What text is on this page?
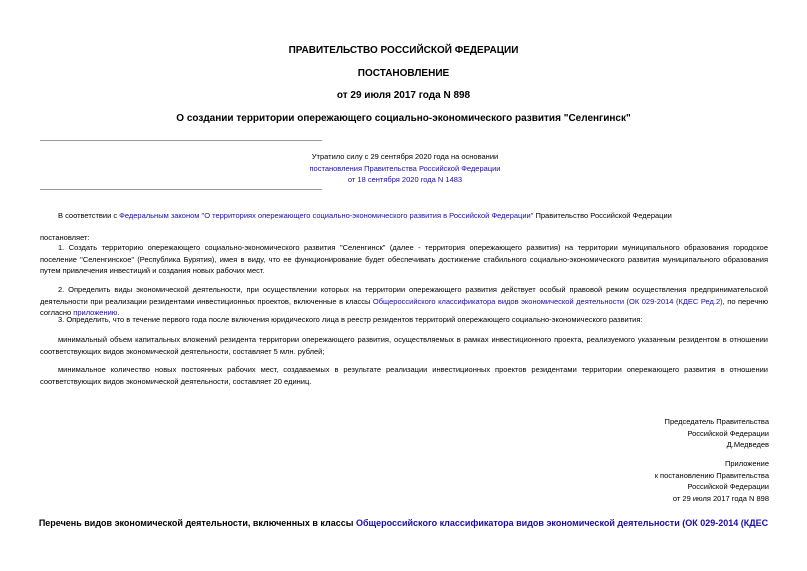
ПРАВИТЕЛЬСТВО РОССИЙСКОЙ ФЕДЕРАЦИИ
ПОСТАНОВЛЕНИЕ
от 29 июля 2017 года N 898
О создании территории опережающего социально-экономического развития "Селенгинск"
Утратило силу с 29 сентября 2020 года на основании
постановления Правительства Российской Федерации
от 18 сентября 2020 года N 1483
В соответствии с Федеральным законом "О территориях опережающего социально-экономического развития в Российской Федерации" Правительство Российской Федерации
постановляет:
1. Создать территорию опережающего социально-экономического развития "Селенгинск" (далее - территория опережающего развития) на территории муниципального образования городское поселение "Селенгинское" (Республика Бурятия), имея в виду, что ее функционирование будет обеспечивать достижение стабильного социально-экономического развития муниципального образования путем привлечения инвестиций и создания новых рабочих мест.
2. Определить виды экономической деятельности, при осуществлении которых на территории опережающего развития действует особый правовой режим осуществления предпринимательской деятельности при реализации резидентами инвестиционных проектов, включенные в классы Общероссийского классификатора видов экономической деятельности (ОК 029-2014 (КДЕС Ред.2), по перечню согласно приложению.
3. Определить, что в течение первого года после включения юридического лица в реестр резидентов территорий опережающего социально-экономического развития:
минимальный объем капитальных вложений резидента территории опережающего развития, осуществляемых в рамках инвестиционного проекта, реализуемого указанным резидентом в отношении соответствующих видов экономической деятельности, составляет 5 млн. рублей;
минимальное количество новых постоянных рабочих мест, создаваемых в результате реализации инвестиционных проектов резидентами территории опережающего развития в отношении соответствующих видов экономической деятельности, составляет 20 единиц.
Председатель Правительства
Российской Федерации
Д.Медведев
Приложение
к постановлению Правительства
Российской Федерации
от 29 июля 2017 года N 898
Перечень видов экономической деятельности, включенных в классы Общероссийского классификатора видов экономической деятельности (ОК 029-2014 (КДЕС
